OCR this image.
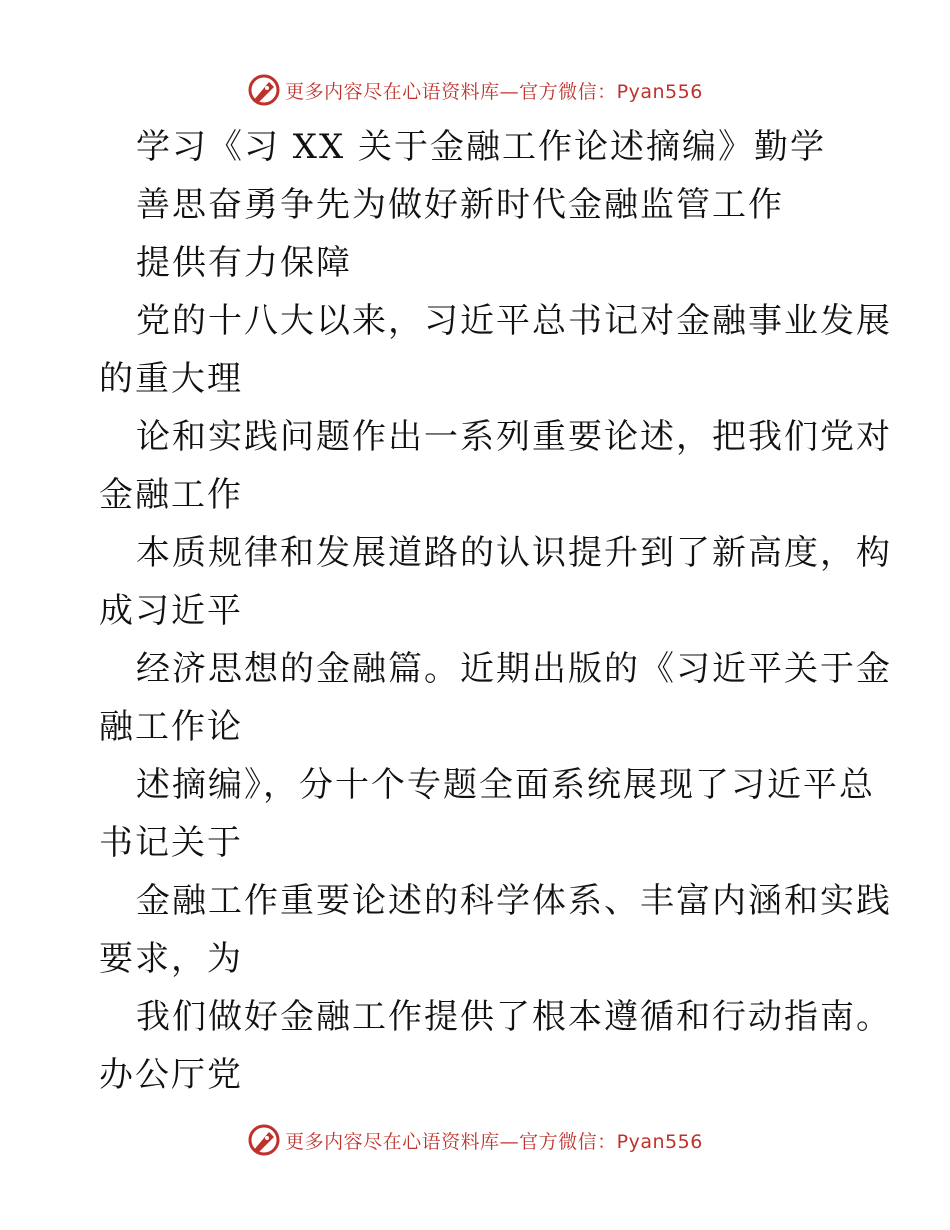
更多内容尽在心语资料库—官方微信：Pyan556
学习《习 XX 关于金融工作论述摘编》勤学
善思奋勇争先为做好新时代金融监管工作
提供有力保障
党的十八大以来，习近平总书记对金融事业发展
的重大理
论和实践问题作出一系列重要论述，把我们党对
金融工作
本质规律和发展道路的认识提升到了新高度，构
成习近平
经济思想的金融篇。近期出版的《习近平关于金
融工作论
述摘编》，分十个专题全面系统展现了习近平总
书记关于
金融工作重要论述的科学体系、丰富内涵和实践
要求，为
我们做好金融工作提供了根本遵循和行动指南。
办公厅党
更多内容尽在心语资料库—官方微信：Pyan556
